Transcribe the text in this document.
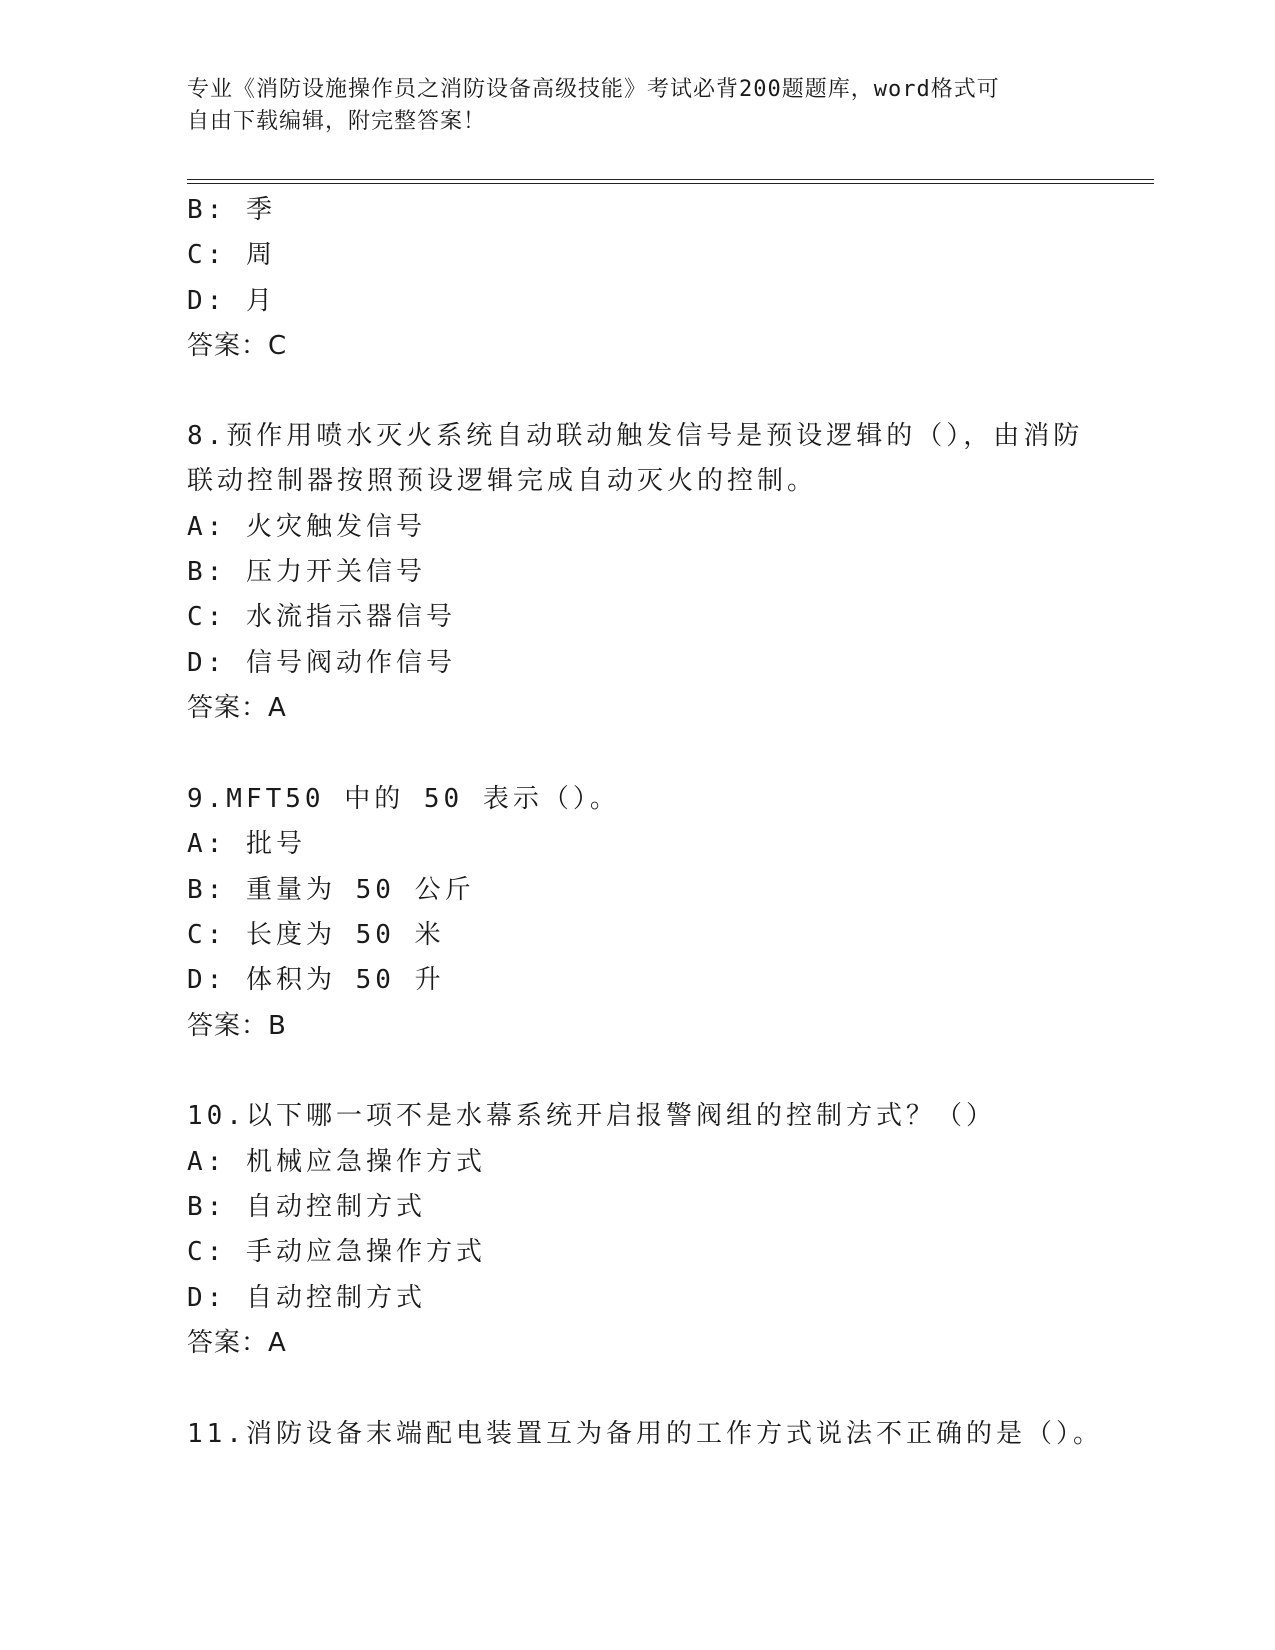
专业《消防设施操作员之消防设备高级技能》考试必背200题题库，word格式可
自由下载编辑，附完整答案！
B: 季
C: 周
D: 月
答案：C
8.预作用喷水灭火系统自动联动触发信号是预设逻辑的（），由消防
联动控制器按照预设逻辑完成自动灭火的控制。
A: 火灾触发信号
B: 压力开关信号
C: 水流指示器信号
D: 信号阀动作信号
答案：A
9.MFT50 中的 50 表示（）。
A: 批号
B: 重量为 50 公斤
C: 长度为 50 米
D: 体积为 50 升
答案：B
10.以下哪一项不是水幕系统开启报警阀组的控制方式？（）
A: 机械应急操作方式
B: 自动控制方式
C: 手动应急操作方式
D: 自动控制方式
答案：A
11.消防设备末端配电装置互为备用的工作方式说法不正确的是（）。
